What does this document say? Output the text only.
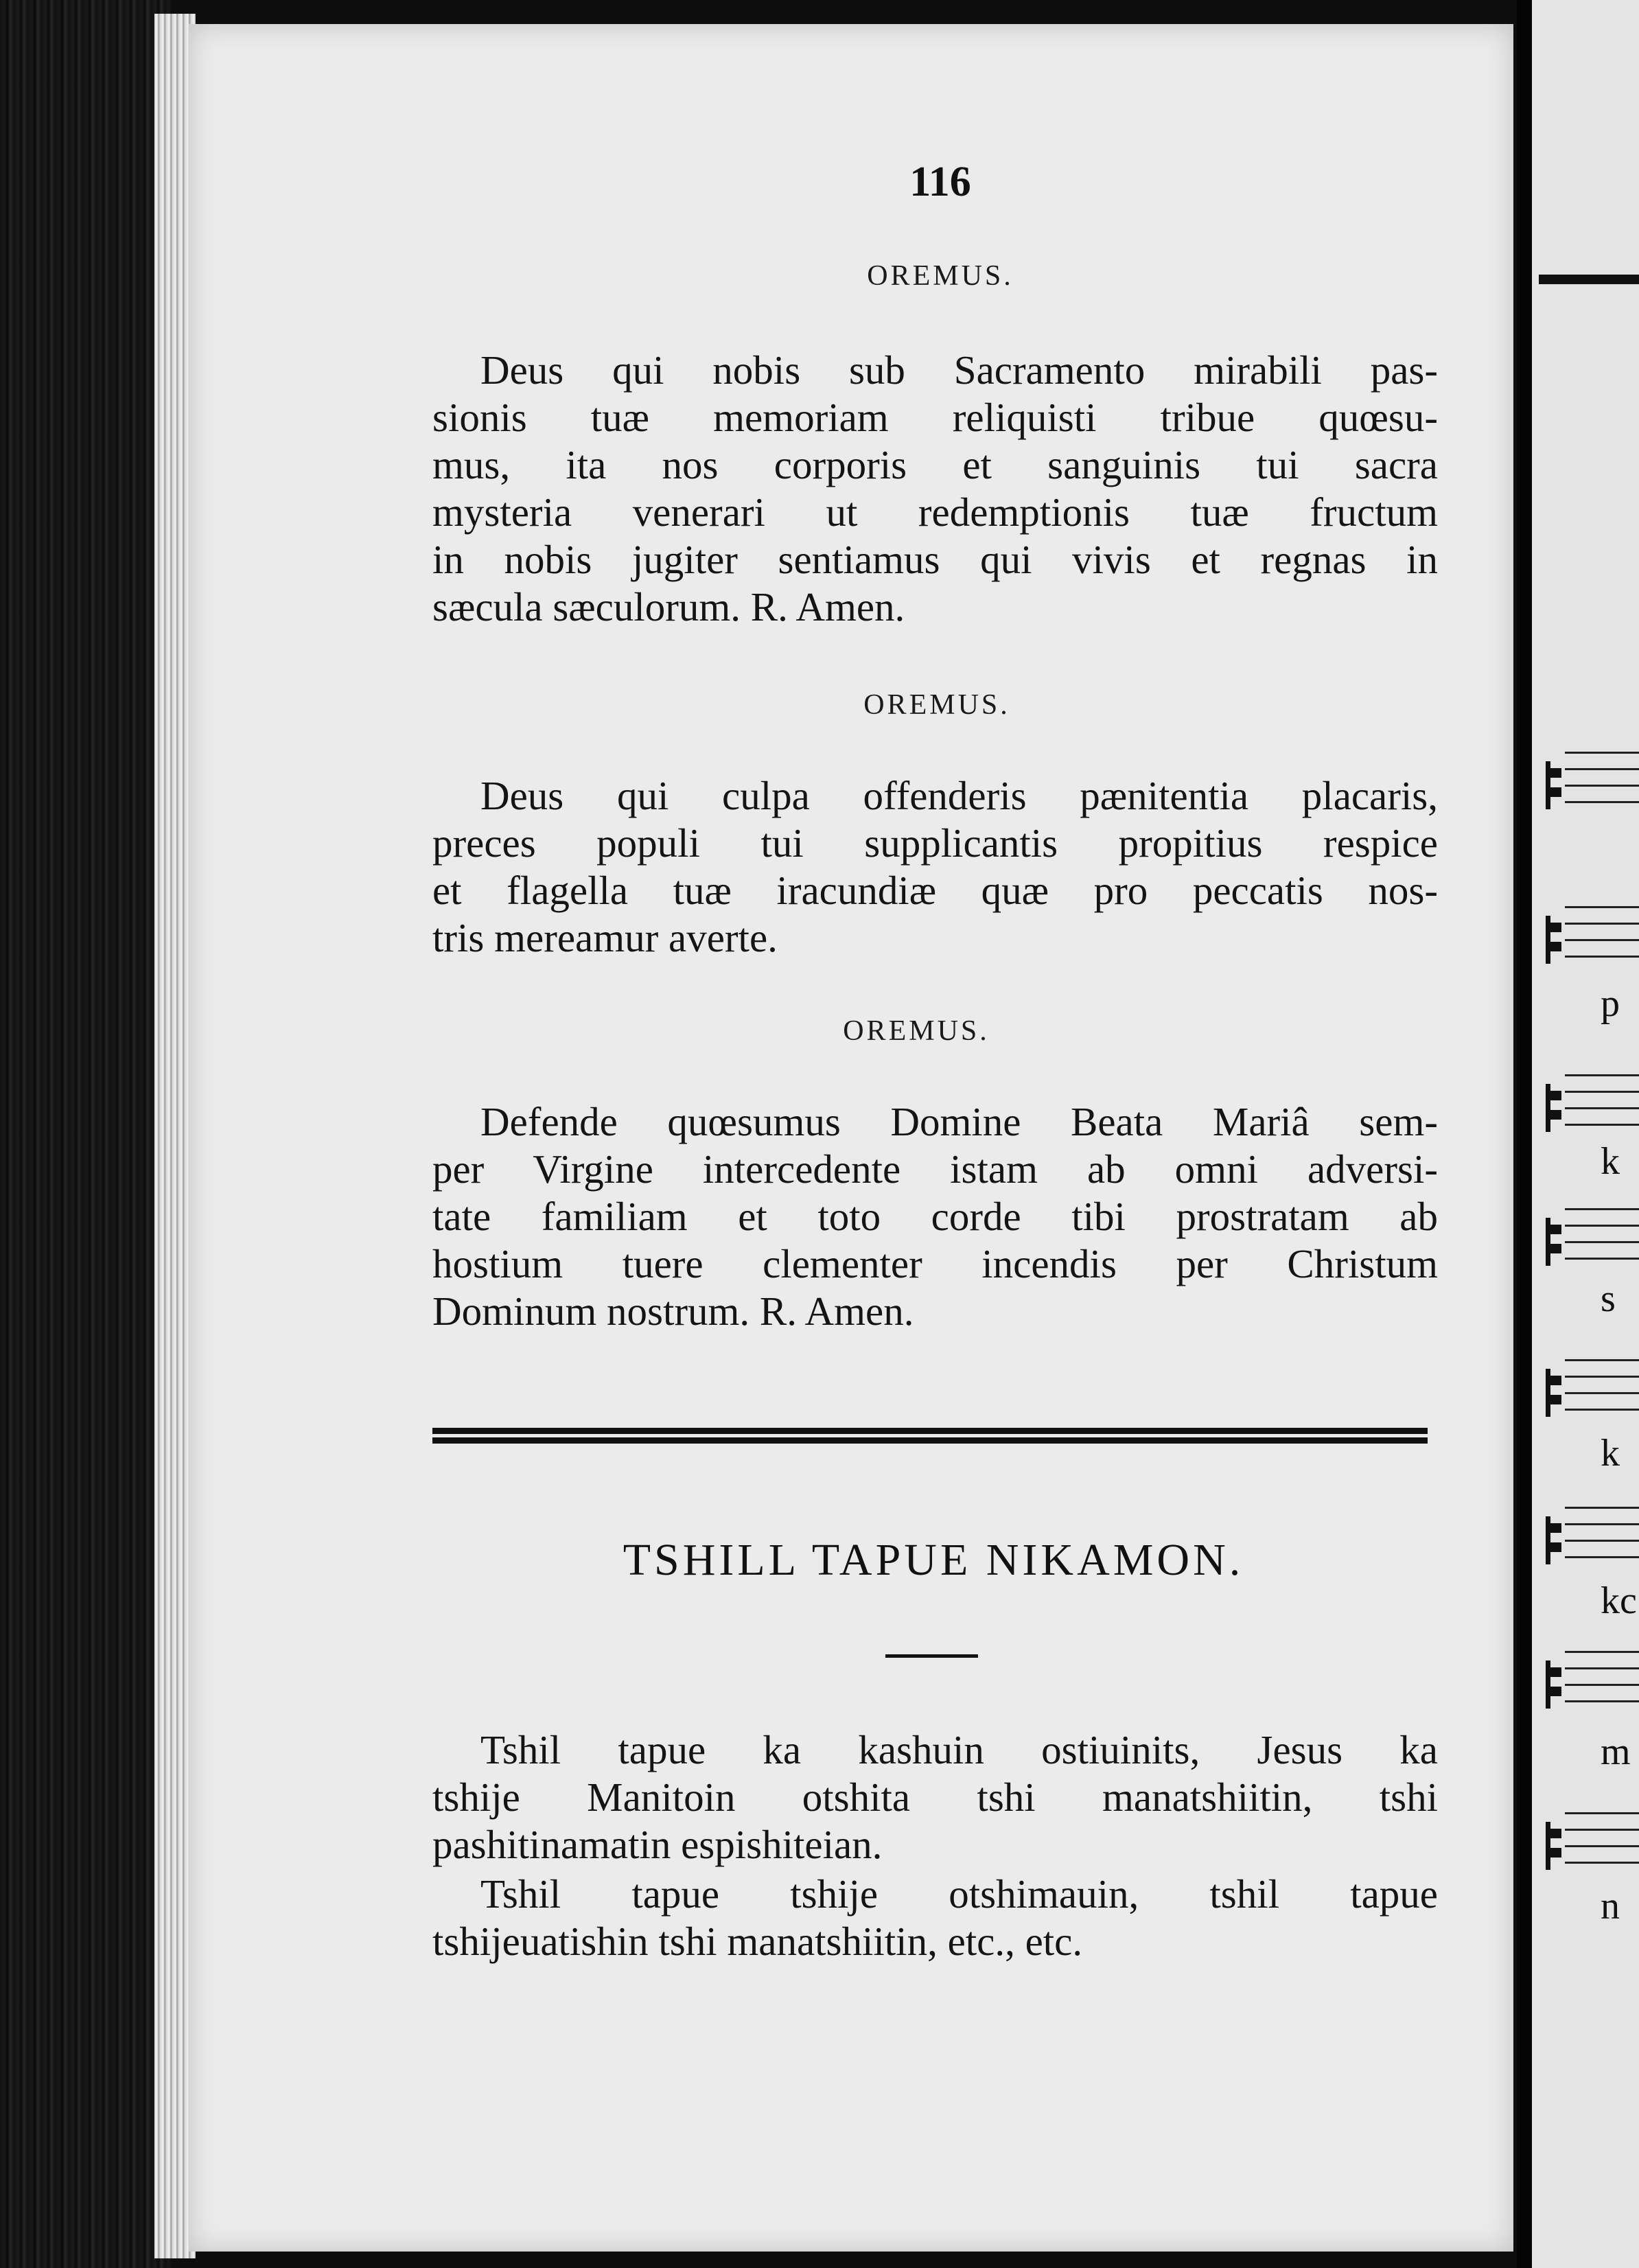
p
k
s
k
kc
m
n
116
OREMUS.

Deus qui nobis sub Sacramento mirabili pas-

sionis tuæ memoriam reliquisti tribue quœsu-

mus, ita nos corporis et sanguinis tui sacra

mysteria venerari ut redemptionis tuæ fructum

in nobis jugiter sentiamus qui vivis et regnas in

sæcula sæculorum. R. Amen.

OREMUS.

Deus qui culpa offenderis pænitentia placaris,

preces populi tui supplicantis propitius respice

et flagella tuæ iracundiæ quæ pro peccatis nos-

tris mereamur averte.

OREMUS.

Defende quœsumus Domine Beata Mariâ sem-

per Virgine intercedente istam ab omni adversi-

tate familiam et toto corde tibi prostratam ab

hostium tuere clementer incendis per Christum

Dominum nostrum. R. Amen.

TSHILL TAPUE NIKAMON.

Tshil tapue ka kashuin ostiuinits, Jesus ka

tshije Manitoin otshita tshi manatshiitin, tshi

pashitinamatin espishiteian.

Tshil tapue tshije otshimauin, tshil tapue

tshijeuatishin tshi manatshiitin, etc., etc.
